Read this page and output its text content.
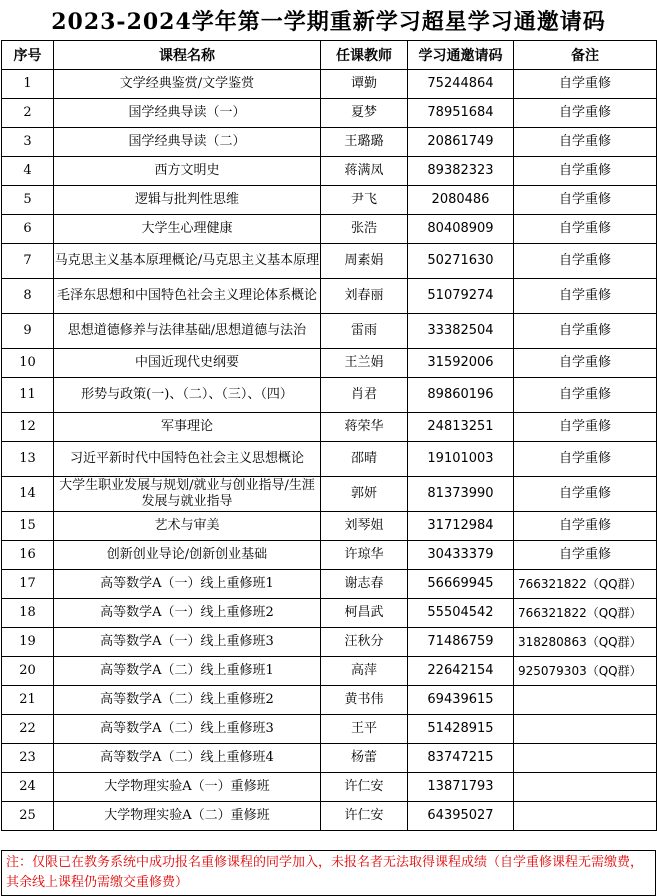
2023-2024学年第一学期重新学习超星学习通邀请码
序号	课程名称	任课教师	学习通邀请码	备注
1	文学经典鉴赏/文学鉴赏	谭勤	75244864	自学重修
2	国学经典导读（一）	夏梦	78951684	自学重修
3	国学经典导读（二）	王璐璐	20861749	自学重修
4	西方文明史	蒋满凤	89382323	自学重修
5	逻辑与批判性思维	尹飞	2080486	自学重修
6	大学生心理健康	张浩	80408909	自学重修
7	马克思主义基本原理概论/马克思主义基本原理	周素娟	50271630	自学重修
8	毛泽东思想和中国特色社会主义理论体系概论	刘春丽	51079274	自学重修
9	思想道德修养与法律基础/思想道德与法治	雷雨	33382504	自学重修
10	中国近现代史纲要	王兰娟	31592006	自学重修
11	形势与政策(一)、（二）、（三）、（四）	肖君	89860196	自学重修
12	军事理论	蒋荣华	24813251	自学重修
13	习近平新时代中国特色社会主义思想概论	邵晴	19101003	自学重修
14	大学生职业发展与规划/就业与创业指导/生涯发展与就业指导	郭妍	81373990	自学重修
15	艺术与审美	刘琴姐	31712984	自学重修
16	创新创业导论/创新创业基础	许琼华	30433379	自学重修
17	高等数学A（一）线上重修班1	谢志春	56669945	766321822（QQ群）
18	高等数学A（一）线上重修班2	柯昌武	55504542	766321822（QQ群）
19	高等数学A（一）线上重修班3	汪秋分	71486759	318280863（QQ群）
20	高等数学A（二）线上重修班1	高萍	22642154	925079303（QQ群）
21	高等数学A（二）线上重修班2	黄书伟	69439615	
22	高等数学A（二）线上重修班3	王平	51428915	
23	高等数学A（二）线上重修班4	杨蕾	83747215	
24	大学物理实验A（一）重修班	许仁安	13871793	
25	大学物理实验A（二）重修班	许仁安	64395027	
注：仅限已在教务系统中成功报名重修课程的同学加入，未报名者无法取得课程成绩（自学重修课程无需缴费，其余线上课程仍需缴交重修费）
